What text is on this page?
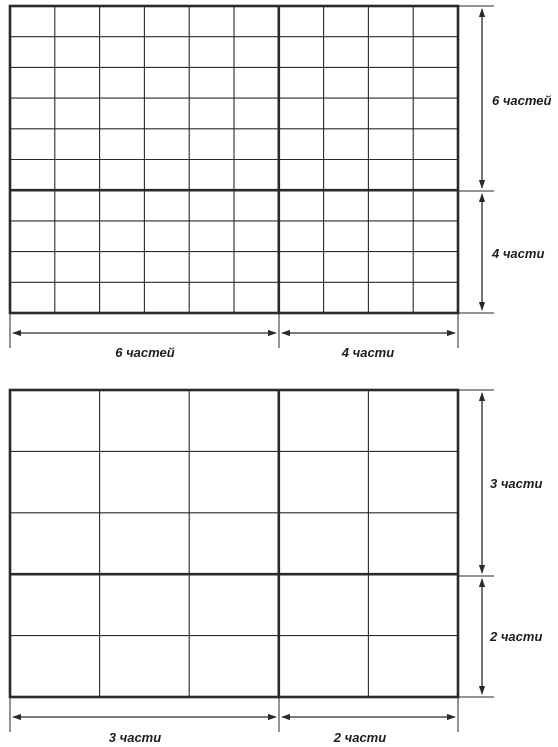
6 частей
4 части
6 частей	4 части
3 части
2 части
3 части	2 части
